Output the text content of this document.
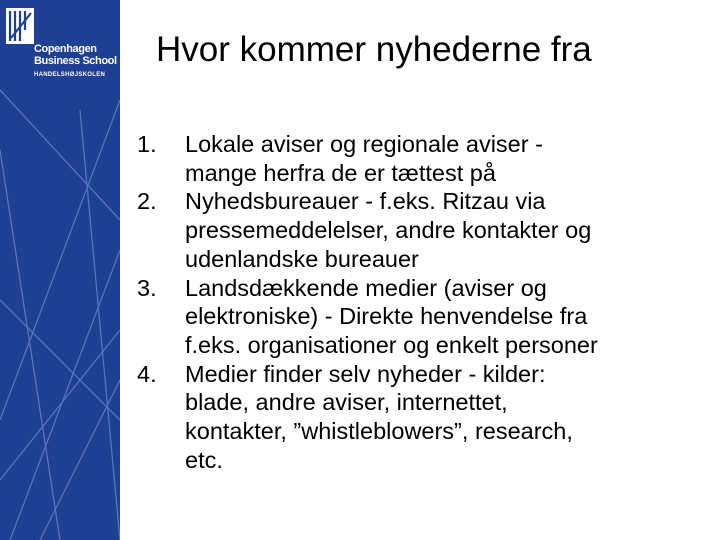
Copenhagen
Business School
HANDELSHØJSKOLEN
Hvor kommer nyhederne fra
1. Lokale aviser og regionale aviser -
mange herfra de er tættest på
2. Nyhedsbureauer - f.eks. Ritzau via
pressemeddelelser, andre kontakter og
udenlandske bureauer
3. Landsdækkende medier (aviser og
elektroniske) - Direkte henvendelse fra
f.eks. organisationer og enkelt personer
4. Medier finder selv nyheder - kilder:
blade, andre aviser, internettet,
kontakter, ”whistleblowers”, research,
etc.
